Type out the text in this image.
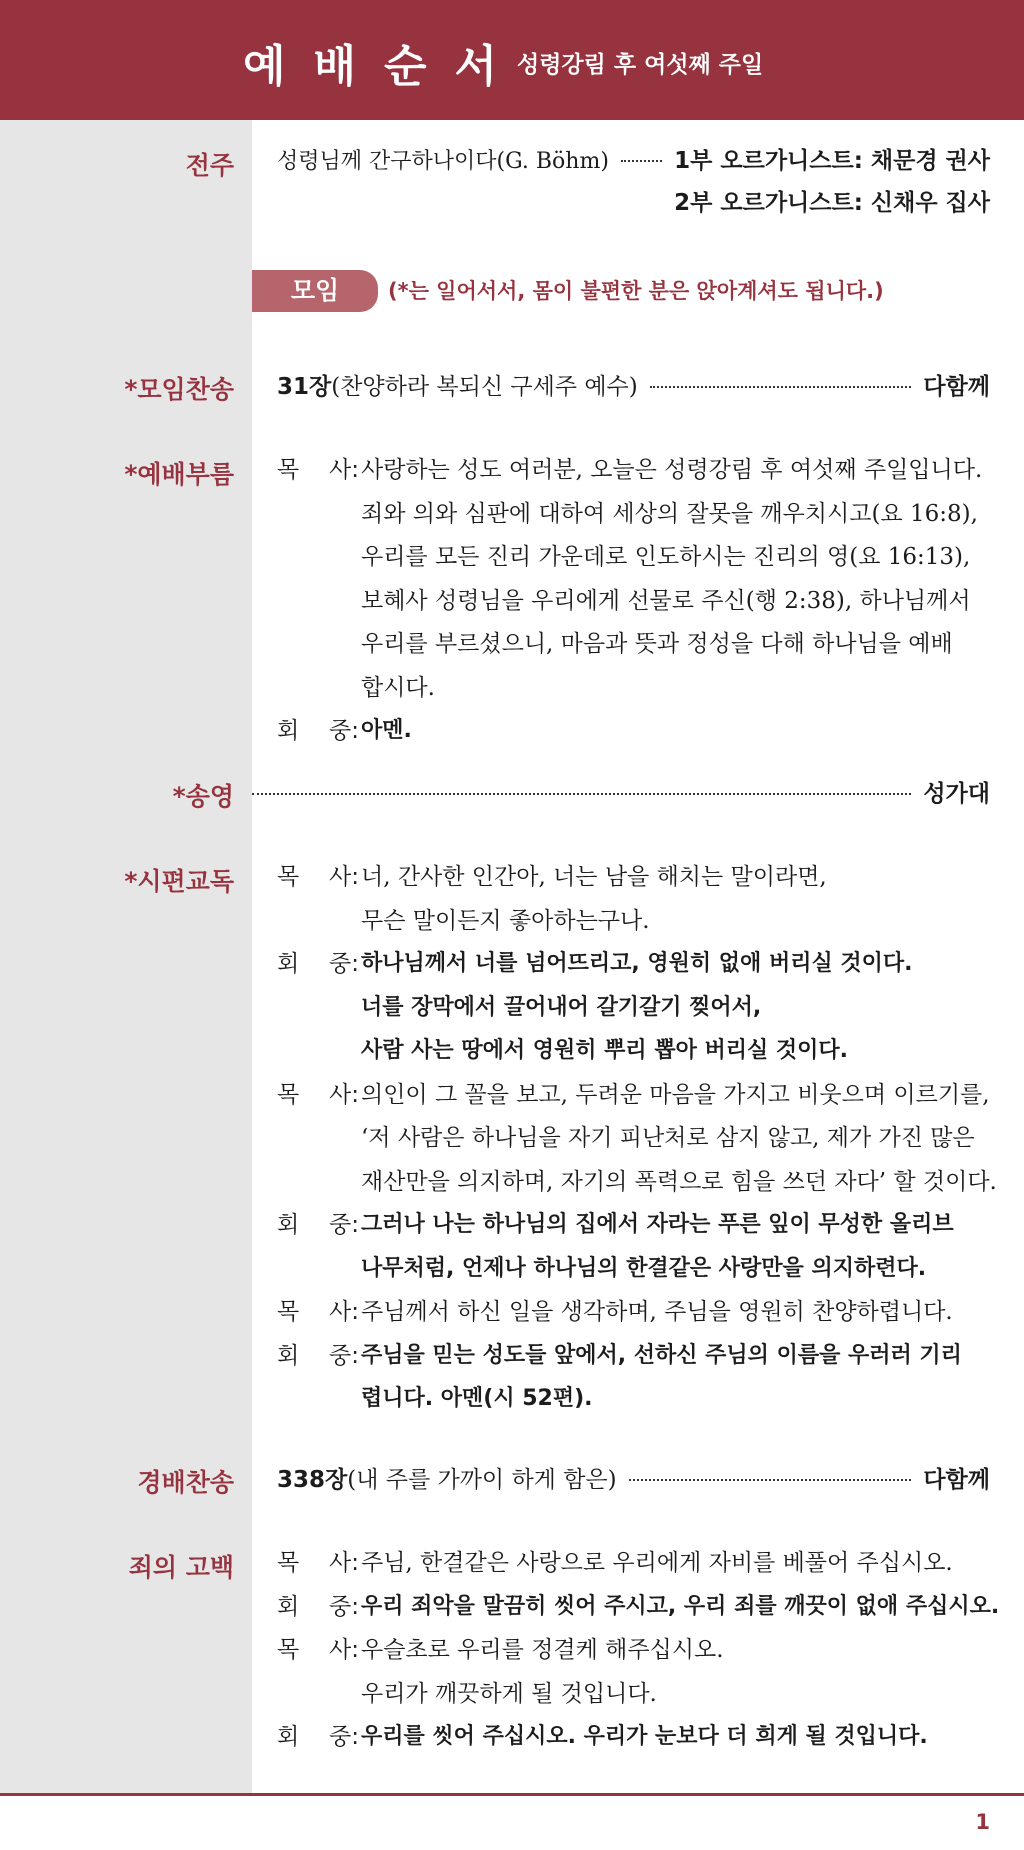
예배순서
성령강림 후 여섯째 주일
전주 성령님께 간구하나이다(G. Böhm)	1부 오르가니스트: 채문경 권사
2부 오르가니스트: 신채우 집사
모임	(*는 일어서서, 몸이 불편한 분은 앉아계셔도 됩니다.)
*모임찬송 31장(찬양하라 복되신 구세주 예수)	다함께
*예배부름 목 사: 사랑하는 성도 여러분, 오늘은 성령강림 후 여섯째 주일입니다.
죄와 의와 심판에 대하여 세상의 잘못을 깨우치시고(요 16:8),
우리를 모든 진리 가운데로 인도하시는 진리의 영(요 16:13),
보혜사 성령님을 우리에게 선물로 주신(행 2:38), 하나님께서
우리를 부르셨으니, 마음과 뜻과 정성을 다해 하나님을 예배
합시다.
회 중: 아멘.
*송영	성가대
*시편교독 목 사: 너, 간사한 인간아, 너는 남을 해치는 말이라면,
무슨 말이든지 좋아하는구나.
회 중: 하나님께서 너를 넘어뜨리고, 영원히 없애 버리실 것이다.
너를 장막에서 끌어내어 갈기갈기 찢어서,
사람 사는 땅에서 영원히 뿌리 뽑아 버리실 것이다.
목 사: 의인이 그 꼴을 보고, 두려운 마음을 가지고 비웃으며 이르기를,
‘저 사람은 하나님을 자기 피난처로 삼지 않고, 제가 가진 많은
재산만을 의지하며, 자기의 폭력으로 힘을 쓰던 자다’ 할 것이다.
회 중: 그러나 나는 하나님의 집에서 자라는 푸른 잎이 무성한 올리브
나무처럼, 언제나 하나님의 한결같은 사랑만을 의지하련다.
목 사: 주님께서 하신 일을 생각하며, 주님을 영원히 찬양하렵니다.
회 중: 주님을 믿는 성도들 앞에서, 선하신 주님의 이름을 우러러 기리
렵니다. 아멘(시 52편).
경배찬송 338장(내 주를 가까이 하게 함은)	다함께
죄의 고백 목 사: 주님, 한결같은 사랑으로 우리에게 자비를 베풀어 주십시오.
회 중: 우리 죄악을 말끔히 씻어 주시고, 우리 죄를 깨끗이 없애 주십시오.
목 사: 우슬초로 우리를 정결케 해주십시오.
우리가 깨끗하게 될 것입니다.
회 중: 우리를 씻어 주십시오. 우리가 눈보다 더 희게 될 것입니다.
1
